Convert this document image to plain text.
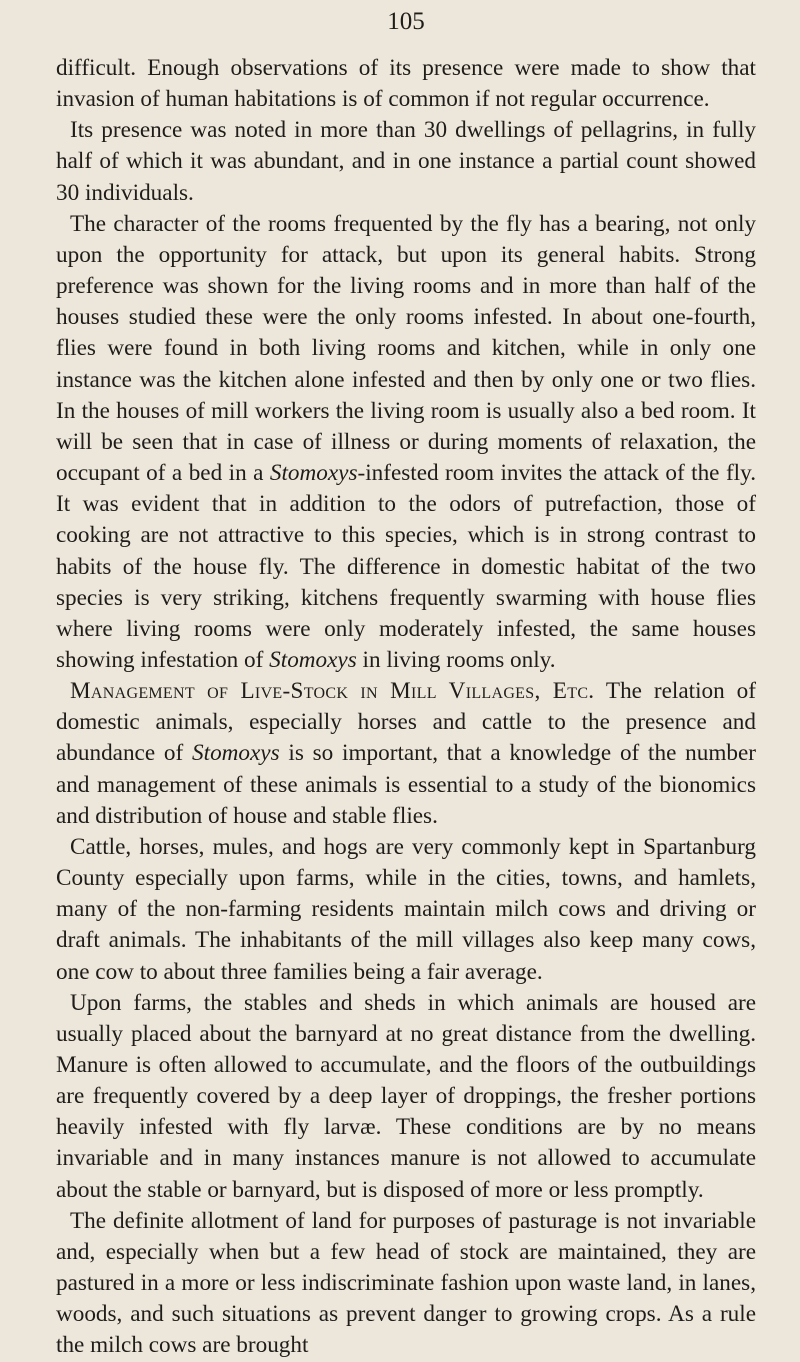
105

difficult. Enough observations of its presence were made to show that invasion of human habitations is of common if not regular occurrence.

Its presence was noted in more than 30 dwellings of pellagrins, in fully half of which it was abundant, and in one instance a partial count showed 30 individuals.

The character of the rooms frequented by the fly has a bearing, not only upon the opportunity for attack, but upon its general habits. Strong preference was shown for the living rooms and in more than half of the houses studied these were the only rooms infested. In about one-fourth, flies were found in both living rooms and kitchen, while in only one instance was the kitchen alone infested and then by only one or two flies. In the houses of mill workers the living room is usually also a bed room. It will be seen that in case of illness or during moments of relaxation, the occupant of a bed in a Stomoxys-infested room invites the attack of the fly. It was evident that in addition to the odors of putrefaction, those of cooking are not attractive to this species, which is in strong contrast to habits of the house fly. The difference in domestic habitat of the two species is very striking, kitchens frequently swarming with house flies where living rooms were only moderately infested, the same houses showing infestation of Stomoxys in living rooms only.

Management of Live-Stock in Mill Villages, Etc. The relation of domestic animals, especially horses and cattle to the presence and abundance of Stomoxys is so important, that a knowledge of the number and management of these animals is essential to a study of the bionomics and distribution of house and stable flies.

Cattle, horses, mules, and hogs are very commonly kept in Spartanburg County especially upon farms, while in the cities, towns, and hamlets, many of the non-farming residents maintain milch cows and driving or draft animals. The inhabitants of the mill villages also keep many cows, one cow to about three families being a fair average.

Upon farms, the stables and sheds in which animals are housed are usually placed about the barnyard at no great distance from the dwelling. Manure is often allowed to accumulate, and the floors of the outbuildings are frequently covered by a deep layer of droppings, the fresher portions heavily infested with fly larvæ. These conditions are by no means invariable and in many instances manure is not allowed to accumulate about the stable or barnyard, but is disposed of more or less promptly.

The definite allotment of land for purposes of pasturage is not invariable and, especially when but a few head of stock are maintained, they are pastured in a more or less indiscriminate fashion upon waste land, in lanes, woods, and such situations as prevent danger to growing crops. As a rule the milch cows are brought
